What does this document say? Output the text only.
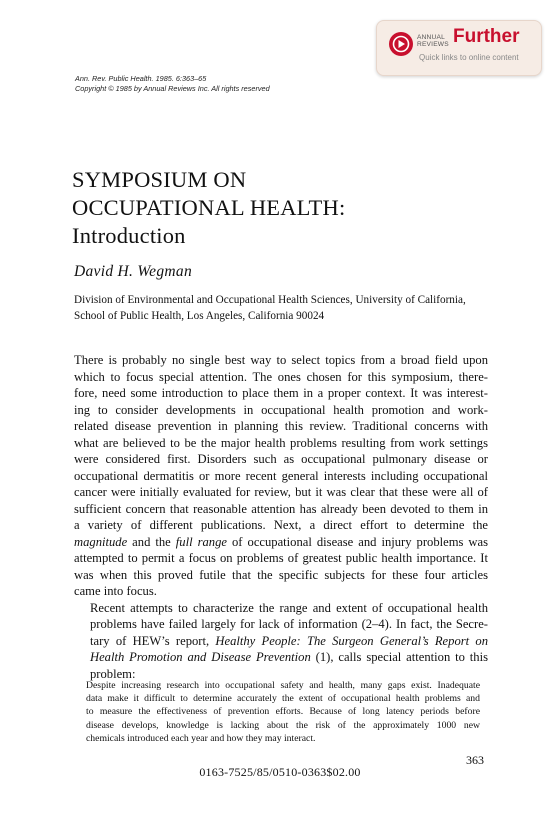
ANNUAL
REVIEWS Further
Quick links to online content
Ann. Rev. Public Health. 1985. 6:363–65
Copyright © 1985 by Annual Reviews Inc. All rights reserved
SYMPOSIUM ON
OCCUPATIONAL HEALTH:
Introduction
David H. Wegman
Division of Environmental and Occupational Health Sciences, University of California,
School of Public Health, Los Angeles, California 90024

There is probably no single best way to select topics from a broad field upon
which to focus special attention. The ones chosen for this symposium, there-
fore, need some introduction to place them in a proper context. It was interest-
ing to consider developments in occupational health promotion and work-
related disease prevention in planning this review. Traditional concerns with
what are believed to be the major health problems resulting from work settings
were considered first. Disorders such as occupational pulmonary disease or
occupational dermatitis or more recent general interests including occupational
cancer were initially evaluated for review, but it was clear that these were all of
sufficient concern that reasonable attention has already been devoted to them in
a variety of different publications. Next, a direct effort to determine the
magnitude and the full range of occupational disease and injury problems was
attempted to permit a focus on problems of greatest public health importance. It
was when this proved futile that the specific subjects for these four articles
came into focus.

Recent attempts to characterize the range and extent of occupational health
problems have failed largely for lack of information (2–4). In fact, the Secre-
tary of HEW’s report, Healthy People: The Surgeon General’s Report on
Health Promotion and Disease Prevention (1), calls special attention to this
problem:

Despite increasing research into occupational safety and health, many gaps exist. Inadequate
data make it difficult to determine accurately the extent of occupational health problems and
to measure the effectiveness of prevention efforts. Because of long latency periods before
disease develops, knowledge is lacking about the risk of the approximately 1000 new
chemicals introduced each year and how they may interact.
363
0163-7525/85/0510-0363$02.00
